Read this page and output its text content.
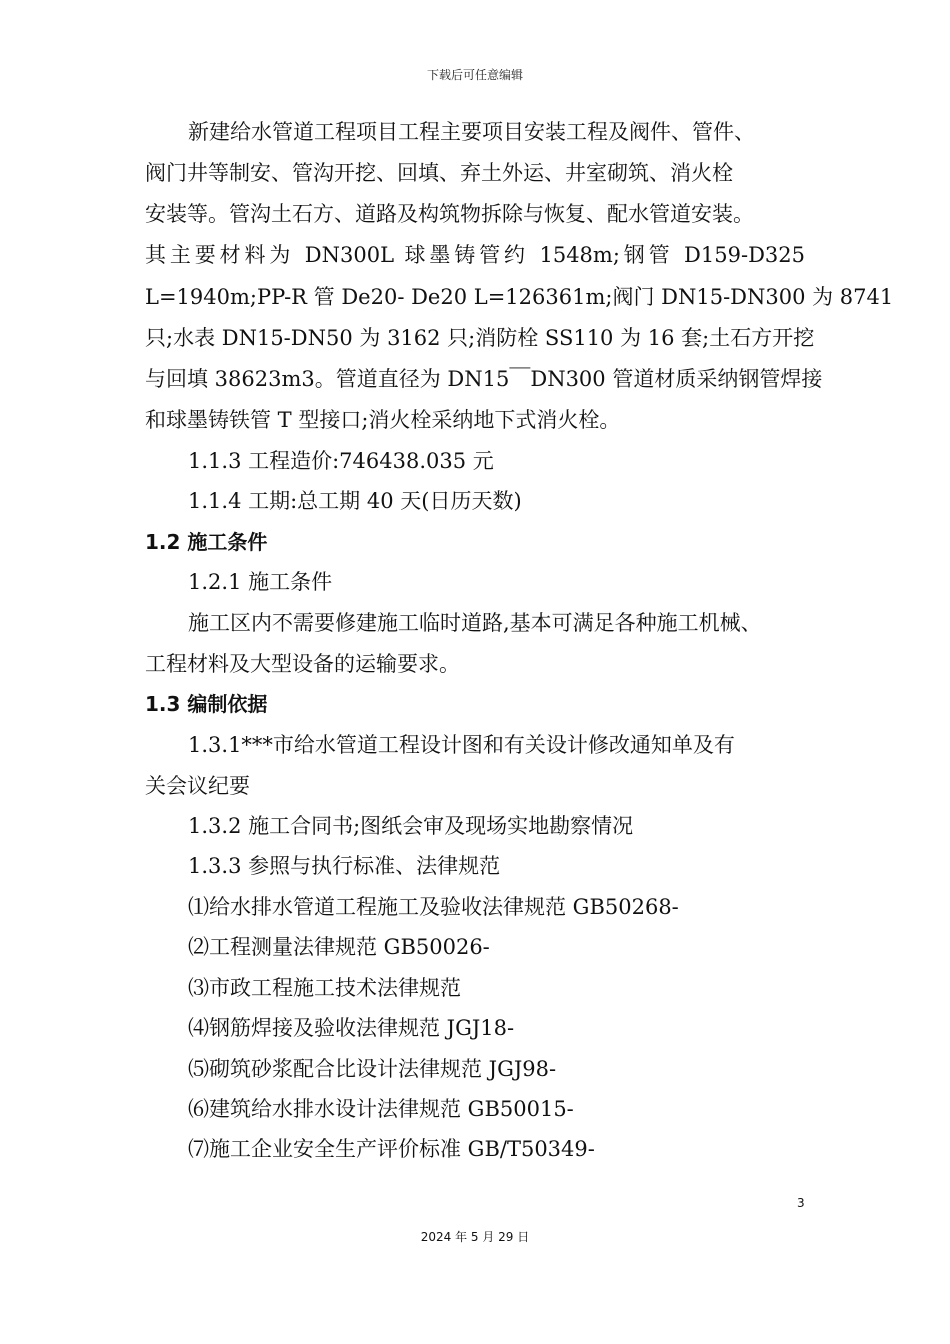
下载后可任意编辑
新建给水管道工程项目工程主要项目安装工程及阀件、管件、
阀门井等制安、管沟开挖、回填、弃土外运、井室砌筑、消火栓
安装等。管沟土石方、道路及构筑物拆除与恢复、配水管道安装。
其主要材料为 DN300L 球墨铸管约 1548m;钢管 D159-D325
L=1940m;PP-R 管 De20- De20 L=126361m;阀门 DN15-DN300 为 8741
只;水表 DN15-DN50 为 3162 只;消防栓 SS110 为 16 套;土石方开挖
与回填 38623m3。管道直径为 DN15￣DN300 管道材质采纳钢管焊接
和球墨铸铁管 T 型接口;消火栓采纳地下式消火栓。
1.1.3 工程造价:746438.035 元
1.1.4 工期:总工期 40 天(日历天数)
1.2 施工条件
1.2.1 施工条件
施工区内不需要修建施工临时道路,基本可满足各种施工机械、
工程材料及大型设备的运输要求。
1.3 编制依据
1.3.1***市给水管道工程设计图和有关设计修改通知单及有
关会议纪要
1.3.2 施工合同书;图纸会审及现场实地勘察情况
1.3.3 参照与执行标准、法律规范
⑴给水排水管道工程施工及验收法律规范 GB50268-
⑵工程测量法律规范 GB50026-
⑶市政工程施工技术法律规范
⑷钢筋焊接及验收法律规范 JGJ18-
⑸砌筑砂浆配合比设计法律规范 JGJ98-
⑹建筑给水排水设计法律规范 GB50015-
⑺施工企业安全生产评价标准 GB/T50349-
3
2024 年 5 月 29 日
